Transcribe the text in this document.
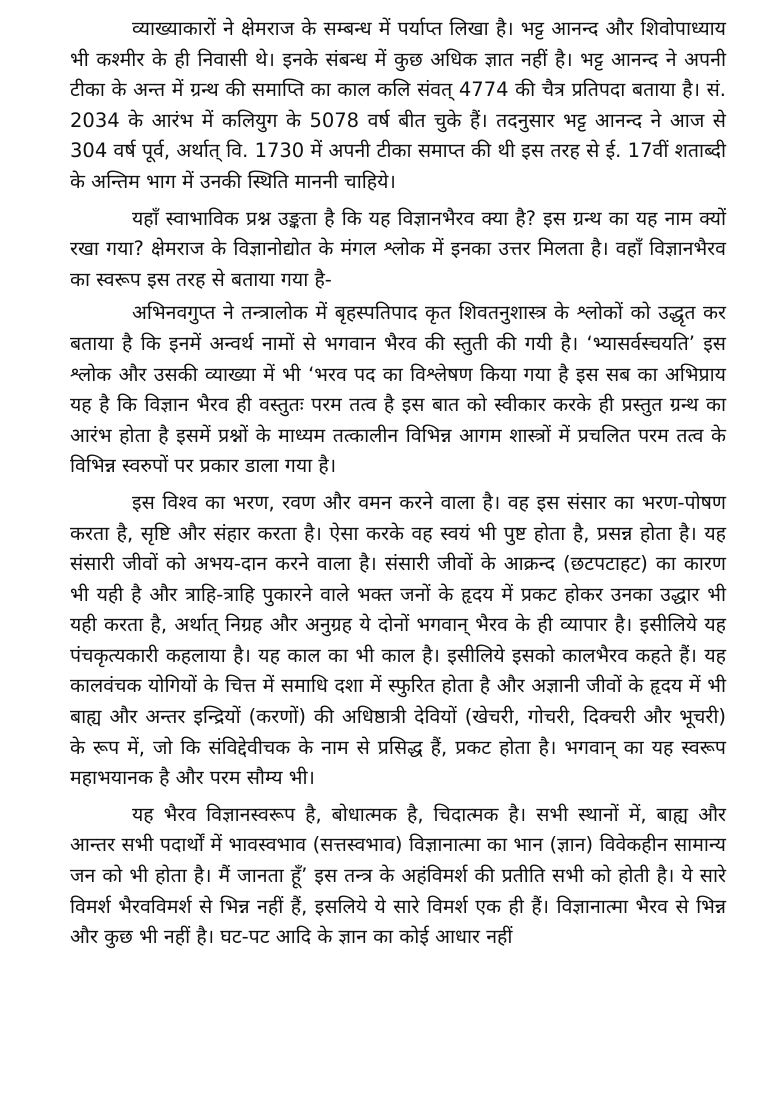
व्याख्याकारों ने क्षेमराज के सम्बन्ध में पर्याप्त लिखा है। भट्ट आनन्द और शिवोपाध्याय भी कश्मीर के ही निवासी थे। इनके संबन्ध में कुछ अधिक ज्ञात नहीं है। भट्ट आनन्द ने अपनी टीका के अन्त में ग्रन्थ की समाप्ति का काल कलि संवत् 4774 की चैत्र प्रतिपदा बताया है। सं. 2034 के आरंभ में कलियुग के 5078 वर्ष बीत चुके हैं। तदनुसार भट्ट आनन्द ने आज से 304 वर्ष पूर्व, अर्थात् वि. 1730 में अपनी टीका समाप्त की थी इस तरह से ई. 17वीं शताब्दी के अन्तिम भाग में उनकी स्थिति माननी चाहिये।

यहाँ स्वाभाविक प्रश्न उङ्कता है कि यह विज्ञानभैरव क्या है? इस ग्रन्थ का यह नाम क्यों रखा गया? क्षेमराज के विज्ञानोद्योत के मंगल श्लोक में इनका उत्तर मिलता है। वहाँ विज्ञानभैरव का स्वरूप इस तरह से बताया गया है-

अभिनवगुप्त ने तन्त्रालोक में बृहस्पतिपाद कृत शिवतनुशास्त्र के श्लोकों को उद्धृत कर बताया है कि इनमें अन्वर्थ नामों से भगवान भैरव की स्तुती की गयी है। ‘भ्यासर्वस्चयति’ इस श्लोक और उसकी व्याख्या में भी ‘भरव पद का विश्लेषण किया गया है इस सब का अभिप्राय यह है कि विज्ञान भैरव ही वस्तुतः परम तत्व है इस बात को स्वीकार करके ही प्रस्तुत ग्रन्थ का आरंभ होता है इसमें प्रश्नों के माध्यम तत्कालीन विभिन्न आगम शास्त्रों में प्रचलित परम तत्व के विभिन्न स्वरुपों पर प्रकार डाला गया है।

इस विश्व का भरण, रवण और वमन करने वाला है। वह इस संसार का भरण-पोषण करता है, सृष्टि और संहार करता है। ऐसा करके वह स्वयं भी पुष्ट होता है, प्रसन्न होता है। यह संसारी जीवों को अभय-दान करने वाला है। संसारी जीवों के आक्रन्द (छटपटाहट) का कारण भी यही है और त्राहि-त्राहि पुकारने वाले भक्त जनों के हृदय में प्रकट होकर उनका उद्धार भी यही करता है, अर्थात् निग्रह और अनुग्रह ये दोनों भगवान् भैरव के ही व्यापार है। इसीलिये यह पंचकृत्यकारी कहलाया है। यह काल का भी काल है। इसीलिये इसको कालभैरव कहते हैं। यह कालवंचक योगियों के चित्त में समाधि दशा में स्फुरित होता है और अज्ञानी जीवों के हृदय में भी बाह्य और अन्तर इन्द्रियों (करणों) की अधिष्ठात्री देवियों (खेचरी, गोचरी, दिक्चरी और भूचरी) के रूप में, जो कि संविद्देवीचक के नाम से प्रसिद्ध हैं, प्रकट होता है। भगवान् का यह स्वरूप महाभयानक है और परम सौम्य भी।

यह भैरव विज्ञानस्वरूप है, बोधात्मक है, चिदात्मक है। सभी स्थानों में, बाह्य और आन्तर सभी पदार्थों में भावस्वभाव (सत्तस्वभाव) विज्ञानात्मा का भान (ज्ञान) विवेकहीन सामान्य जन को भी होता है। मैं जानता हूँ’ इस तन्त्र के अहंविमर्श की प्रतीति सभी को होती है। ये सारे विमर्श भैरवविमर्श से भिन्न नहीं हैं, इसलिये ये सारे विमर्श एक ही हैं। विज्ञानात्मा भैरव से भिन्न और कुछ भी नहीं है। घट-पट आदि के ज्ञान का कोई आधार नहीं
